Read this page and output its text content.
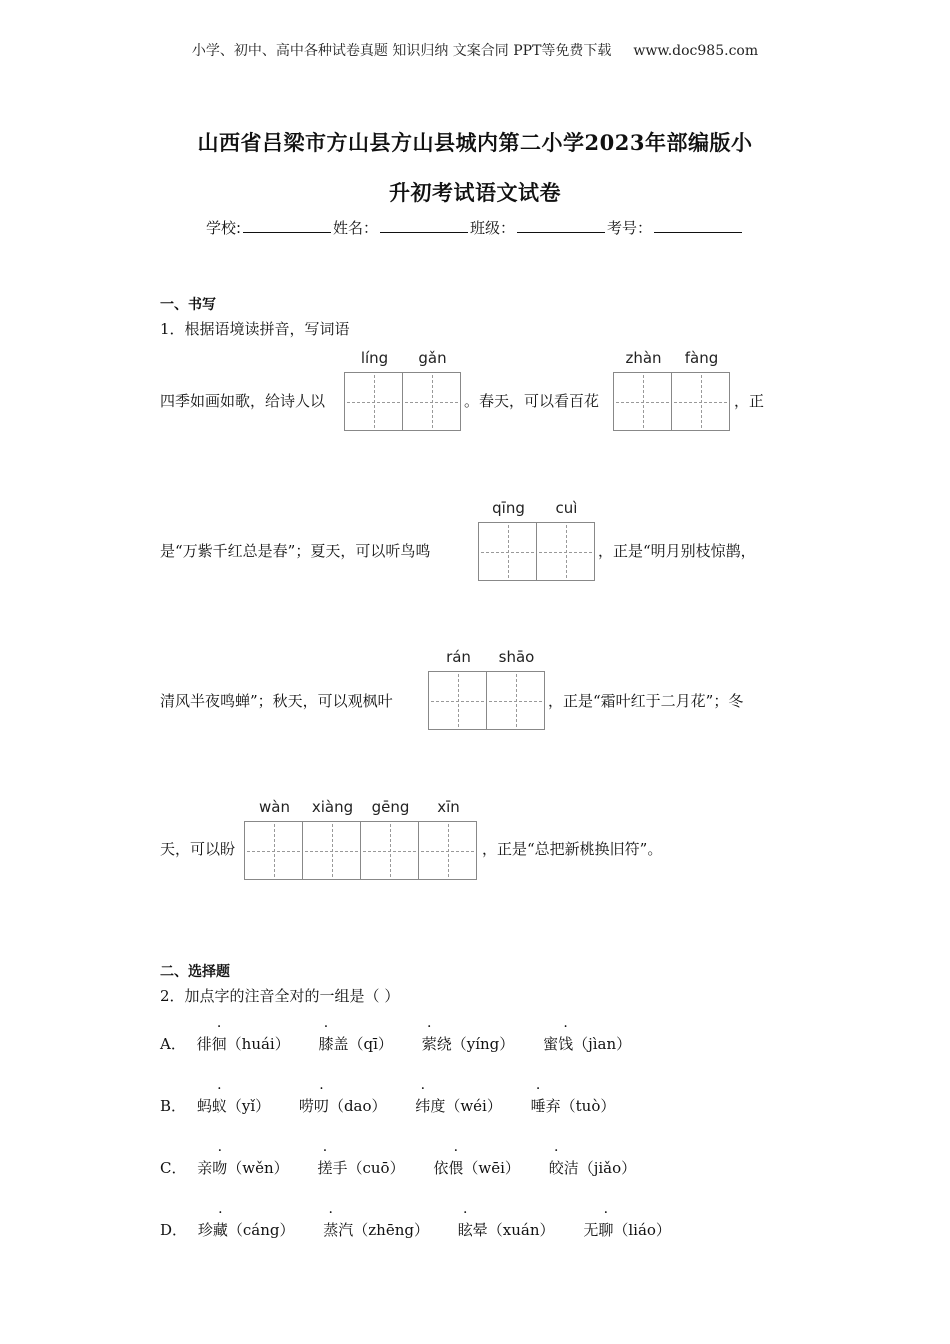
小学、初中、高中各种试卷真题 知识归纳 文案合同 PPT等免费下载 www.doc985.com
山西省吕梁市方山县方山县城内第二小学2023年部编版小
升初考试语文试卷
学校:	姓名：	班级：	考号：
一、书写
1．根据语境读拼音，写词语
四季如画如歌，给诗人以
líng	gǎn
。春天，可以看百花
zhàn	fàng
，正
是“万紫千红总是春”；夏天，可以听鸟鸣
qīng	cuì
，正是“明月别枝惊鹊，
清风半夜鸣蝉”；秋天，可以观枫叶
rán	shāo
，正是“霜叶红于二月花”；冬
天，可以盼
wàn	xiàng	gēng	xīn
，正是“总把新桃换旧符”。
二、选择题
2．加点字的注音全对的一组是（ ）
A． 徘徊（huái） 膝盖（qī） 萦绕（yíng） 蜜饯（jìan）
B． 蚂蚁（yǐ） 唠叨（dao） 纬度（wéi） 唾弃（tuò）
C． 亲吻（wěn） 搓手（cuō） 依偎（wēi） 皎洁（jiǎo）
D． 珍藏（cáng） 蒸汽（zhēng） 眩晕（xuán） 无聊（liáo）
